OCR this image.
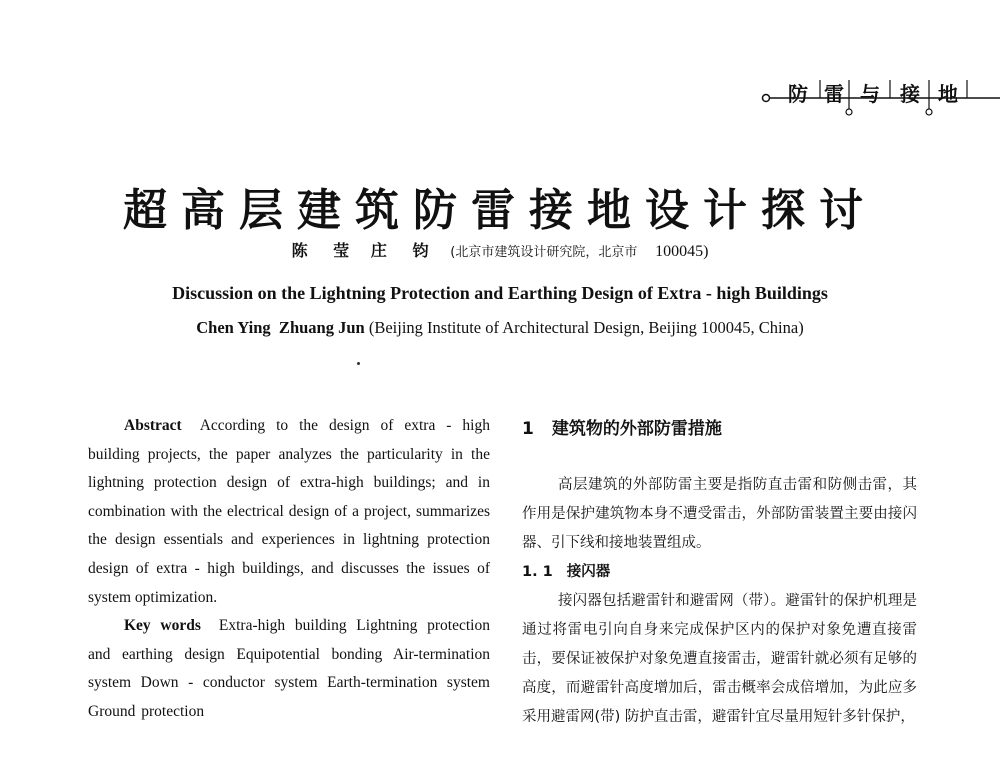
防 雷 与 接 地
超高层建筑防雷接地设计探讨
陈 莹 庄 钧 (北京市建筑设计研究院，北京市 100045)
Discussion on the Lightning Protection and Earthing Design of Extra - high Buildings
Chen Ying  Zhuang Jun (Beijing Institute of Architectural Design, Beijing 100045, China)

Abstract According to the design of extra - high building projects, the paper analyzes the particularity in the lightning protection design of extra-high buildings; and in combination with the electrical design of a project, summarizes the design essentials and experiences in lightning protection design of extra - high buildings, and discusses the issues of system optimization.

Key words Extra-high building Lightning protection and earthing design Equipotential bonding Air-termination system Down - conductor system Earth-termination system Ground protection

1 建筑物的外部防雷措施

高层建筑的外部防雷主要是指防直击雷和防侧击雷，其作用是保护建筑物本身不遭受雷击，外部防雷装置主要由接闪器、引下线和接地装置组成。

1. 1 接闪器

接闪器包括避雷针和避雷网（带）。避雷针的保护机理是通过将雷电引向自身来完成保护区内的保护对象免遭直接雷击，要保证被保护对象免遭直接雷击，避雷针就必须有足够的高度，而避雷针高度增加后，雷击概率会成倍增加，为此应多采用避雷网(带) 防护直击雷，避雷针宜尽量用短针多针保护，
